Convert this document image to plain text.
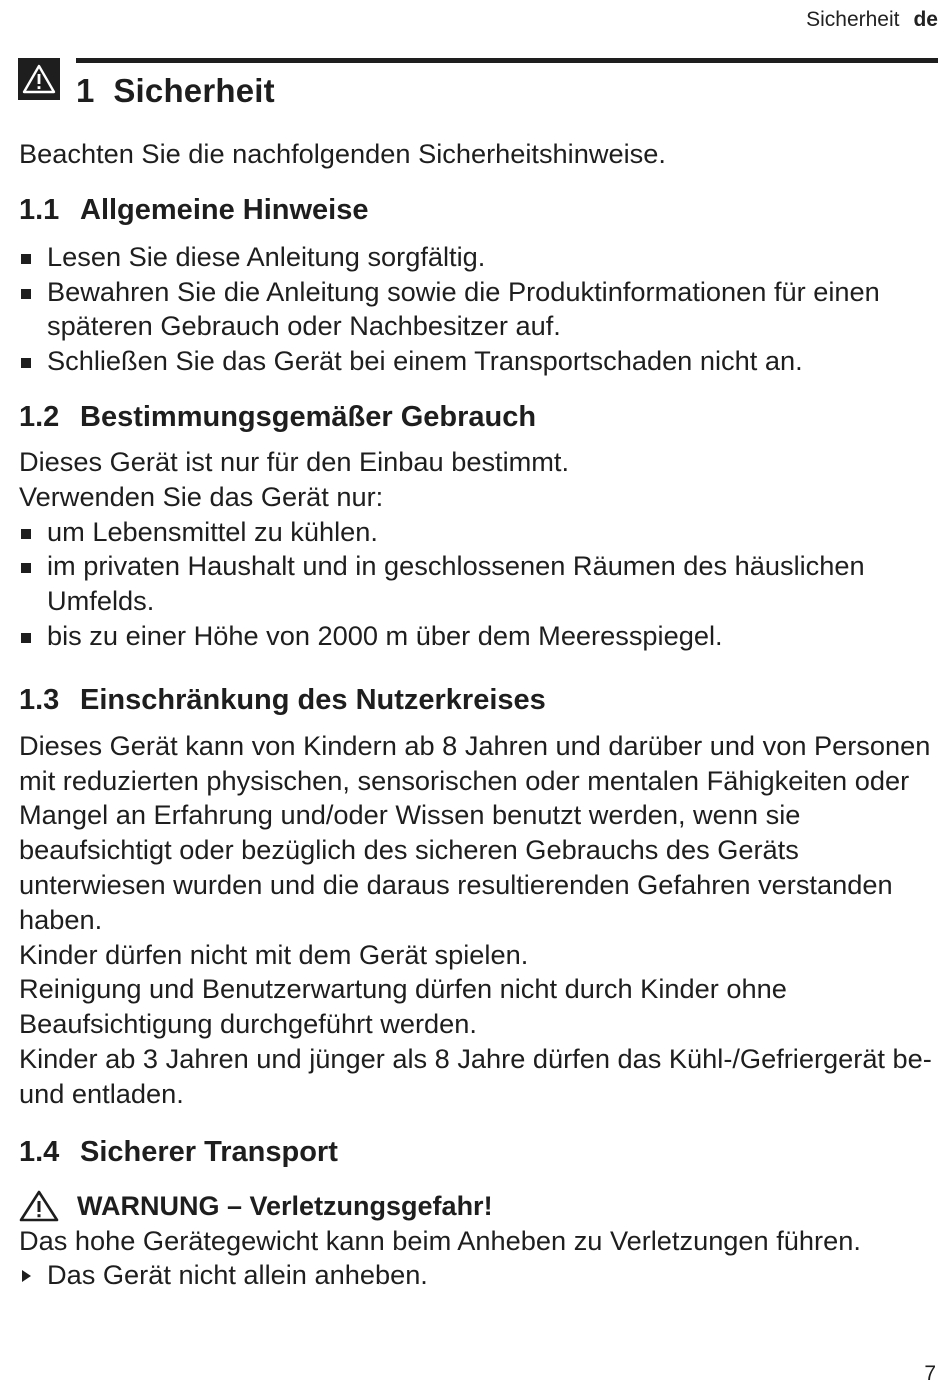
Sicherheit de
1 Sicherheit

Beachten Sie die nachfolgenden Sicherheitshinweise.

1.1 Allgemeine Hinweise
Lesen Sie diese Anleitung sorgfältig.
Bewahren Sie die Anleitung sowie die Produktinformationen für einen späteren Gebrauch oder Nachbesitzer auf.
Schließen Sie das Gerät bei einem Transportschaden nicht an.
1.2 Bestimmungsgemäßer Gebrauch

Dieses Gerät ist nur für den Einbau bestimmt.

Verwenden Sie das Gerät nur:

um Lebensmittel zu kühlen.
im privaten Haushalt und in geschlossenen Räumen des häuslichen Umfelds.
bis zu einer Höhe von 2000 m über dem Meeresspiegel.
1.3 Einschränkung des Nutzerkreises

Dieses Gerät kann von Kindern ab 8 Jahren und darüber und von Personen mit reduzierten physischen, sensorischen oder mentalen Fähigkeiten oder Mangel an Erfahrung und/oder Wissen benutzt werden, wenn sie beaufsichtigt oder bezüglich des sicheren Gebrauchs des Geräts unterwiesen wurden und die daraus resultierenden Gefahren verstanden haben.

Kinder dürfen nicht mit dem Gerät spielen.

Reinigung und Benutzerwartung dürfen nicht durch Kinder ohne Beaufsichtigung durchgeführt werden.

Kinder ab 3 Jahren und jünger als 8 Jahre dürfen das Kühl-/Gefriergerät be- und entladen.

1.4 Sicherer Transport
WARNUNG – Verletzungsgefahr!

Das hohe Gerätegewicht kann beim Anheben zu Verletzungen führen.

Das Gerät nicht allein anheben.
7
